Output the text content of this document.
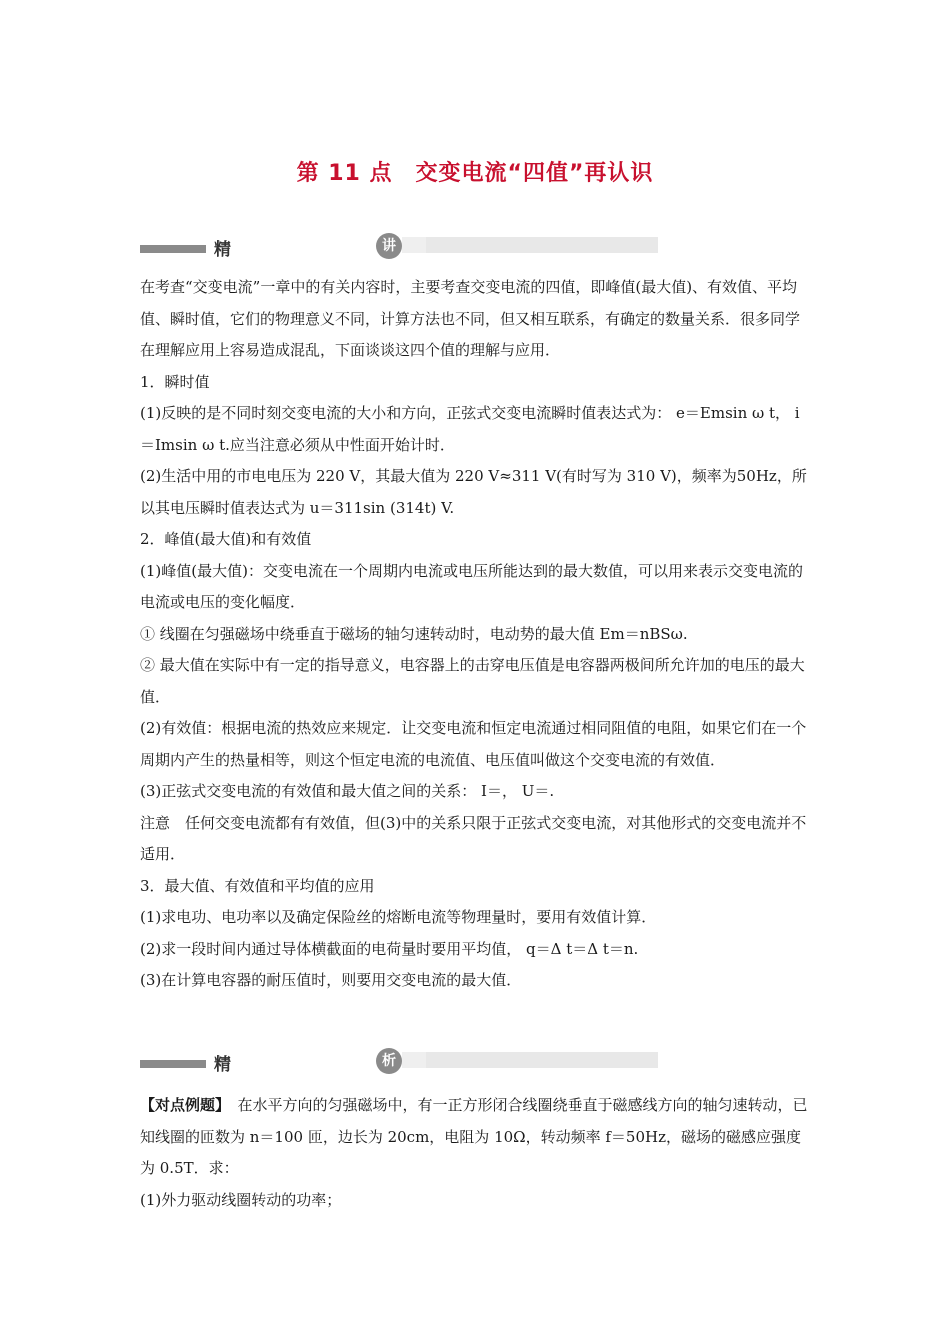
第 11 点　交变电流“四值”再认识
精	讲

在考查“交变电流”一章中的有关内容时，主要考查交变电流的四值，即峰值(最大值)、有效值、平均值、瞬时值，它们的物理意义不同，计算方法也不同，但又相互联系，有确定的数量关系．很多同学在理解应用上容易造成混乱，下面谈谈这四个值的理解与应用．

1．瞬时值

(1)反映的是不同时刻交变电流的大小和方向，正弦式交变电流瞬时值表达式为： e＝Emsin ω t， i＝Imsin ω t.应当注意必须从中性面开始计时．

(2)生活中用的市电电压为 220 V，其最大值为 220 V≈311 V(有时写为 310 V)，频率为50Hz，所以其电压瞬时值表达式为 u＝311sin (314t) V.

2．峰值(最大值)和有效值

(1)峰值(最大值)：交变电流在一个周期内电流或电压所能达到的最大数值，可以用来表示交变电流的电流或电压的变化幅度．

① 线圈在匀强磁场中绕垂直于磁场的轴匀速转动时，电动势的最大值 Em＝nBSω.

② 最大值在实际中有一定的指导意义，电容器上的击穿电压值是电容器两极间所允许加的电压的最大值．

(2)有效值：根据电流的热效应来规定．让交变电流和恒定电流通过相同阻值的电阻，如果它们在一个周期内产生的热量相等，则这个恒定电流的电流值、电压值叫做这个交变电流的有效值．

(3)正弦式交变电流的有效值和最大值之间的关系： I＝， U＝.

注意　任何交变电流都有有效值，但(3)中的关系只限于正弦式交变电流，对其他形式的交变电流并不适用．

3．最大值、有效值和平均值的应用

(1)求电功、电功率以及确定保险丝的熔断电流等物理量时，要用有效值计算．

(2)求一段时间内通过导体横截面的电荷量时要用平均值， q＝Δ t＝Δ t＝n.

(3)在计算电容器的耐压值时，则要用交变电流的最大值．

精	析

【对点例题】　在水平方向的匀强磁场中，有一正方形闭合线圈绕垂直于磁感线方向的轴匀速转动，已知线圈的匝数为 n＝100 匝，边长为 20cm，电阻为 10Ω，转动频率 f＝50Hz，磁场的磁感应强度为 0.5T．求：

(1)外力驱动线圈转动的功率；
